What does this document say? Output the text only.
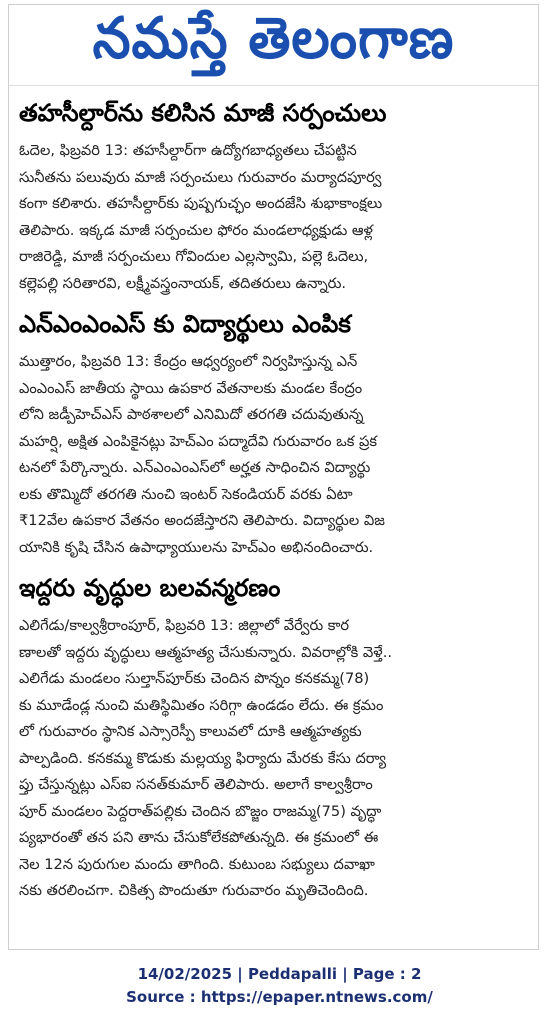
నమస్తే తెలంగాణ
తహసీల్దార్‌ను కలిసిన మాజీ సర్పంచులు

ఓదెల, ఫిబ్రవరి 13: తహసీల్దార్‌గా ఉద్యోగబాధ్యతలు చేపట్టిన
సునీతను పలువురు మాజీ సర్పంచులు గురువారం మర్యాదపూర్వ
కంగా కలిశారు. తహసీల్దార్‌కు పుష్పగుచ్ఛం అందజేసి శుభాకాంక్షలు
తెలిపారు. ఇక్కడ మాజీ సర్పంచుల ఫోరం మండలాధ్యక్షుడు ఆళ్ల
రాజిరెడ్డి, మాజీ సర్పంచులు గోవిందుల ఎల్లస్వామి, పల్లె ఓదెలు,
కల్లెపల్లి సరితారవి, లక్ష్మీవస్త్రంనాయక్, తదితరులు ఉన్నారు.

ఎన్‌ఎంఎంఎస్ కు విద్యార్థులు ఎంపిక

ముత్తారం, ఫిబ్రవరి 13: కేంద్రం ఆధ్వర్యంలో నిర్వహిస్తున్న ఎన్
ఎంఎంఎస్ జాతీయ స్థాయి ఉపకార వేతనాలకు మండల కేంద్రం
లోని జడ్పీహెచ్‌ఎస్ పాఠశాలలో ఎనిమిదో తరగతి చదువుతున్న
మహర్షి, అక్షిత ఎంపికైనట్లు హెచ్‌ఎం పద్మాదేవి గురువారం ఒక ప్రక
టనలో పేర్కొన్నారు. ఎన్‌ఎంఎంఎస్‌లో అర్హత సాధించిన విద్యార్థు
లకు తొమ్మిదో తరగతి నుంచి ఇంటర్ సెకండియర్ వరకు ఏటా
₹12వేల ఉపకార వేతనం అందజేస్తారని తెలిపారు. విద్యార్థుల విజ
యానికి కృషి చేసిన ఉపాధ్యాయులను హెచ్‌ఎం అభినందించారు.

ఇద్దరు వృద్ధుల బలవన్మరణం

ఎలిగేడు/కాల్వశ్రీరాంపూర్, ఫిబ్రవరి 13: జిల్లాలో వేర్వేరు కార
ణాలతో ఇద్దరు వృద్ధులు ఆత్మహత్య చేసుకున్నారు. వివరాల్లోకి వెళ్తే..
ఎలిగేడు మండలం సుల్తాన్‌పూర్‌కు చెందిన పొన్నం కనకమ్మ(78)
కు మూడేండ్ల నుంచి మతిస్థిమితం సరిగ్గా ఉండడం లేదు. ఈ క్రమం
లో గురువారం స్థానిక ఎస్సారెస్పీ కాలువలో దూకి ఆత్మహత్యకు
పాల్పడింది. కనకమ్మ కొడుకు మల్లయ్య ఫిర్యాదు మేరకు కేసు దర్యా
ప్తు చేస్తున్నట్లు ఎస్‌ఐ సనత్‌కుమార్ తెలిపారు. అలాగే కాల్వశ్రీరాం
పూర్ మండలం పెద్దరాత్‌పల్లికు చెందిన బొజ్జం రాజమ్మ(75) వృద్ధా
ప్యభారంతో తన పని తాను చేసుకోలేకపోతున్నది. ఈ క్రమంలో ఈ
నెల 12న పురుగుల మందు తాగింది. కుటుంబ సభ్యులు దవాఖా
నకు తరలించగా. చికిత్స పొందుతూ గురువారం మృతిచెందింది.

14/02/2025 | Peddapalli | Page : 2
Source : https://epaper.ntnews.com/
